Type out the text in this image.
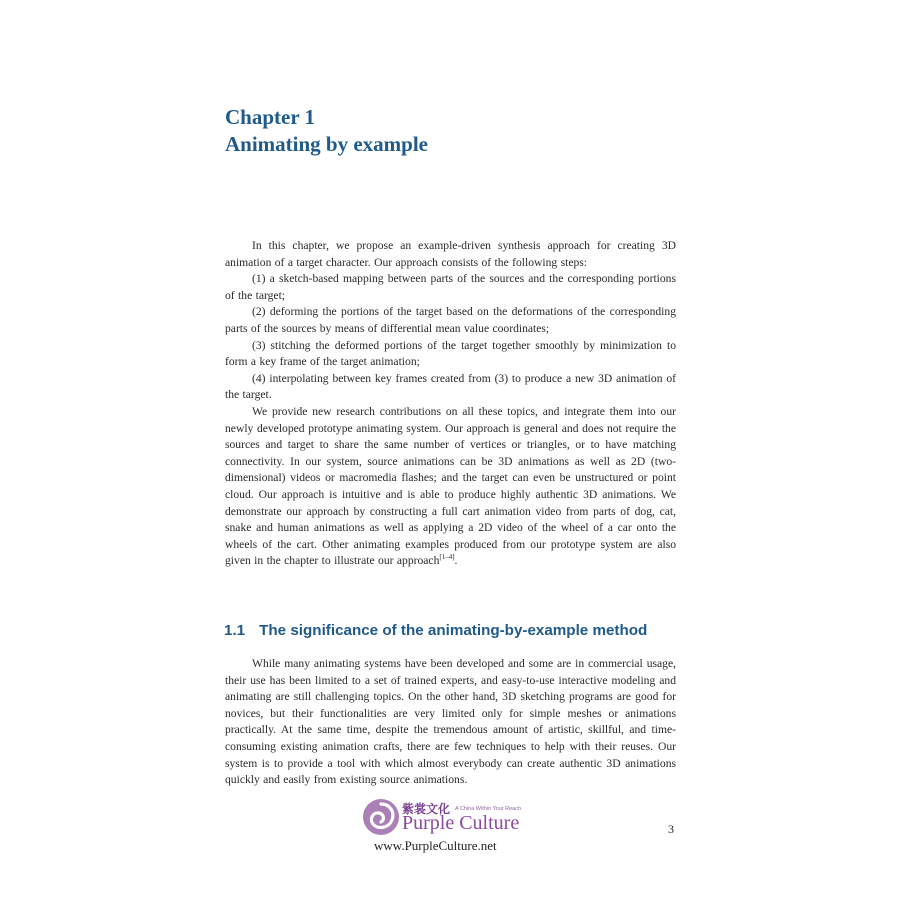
Chapter 1
Animating by example

In this chapter, we propose an example-driven synthesis approach for creating 3D animation of a target character. Our approach consists of the following steps:

(1) a sketch-based mapping between parts of the sources and the corresponding portions of the target;

(2) deforming the portions of the target based on the deformations of the corresponding parts of the sources by means of differential mean value coordinates;

(3) stitching the deformed portions of the target together smoothly by minimization to form a key frame of the target animation;

(4) interpolating between key frames created from (3) to produce a new 3D animation of the target.

We provide new research contributions on all these topics, and integrate them into our newly developed prototype animating system. Our approach is general and does not require the sources and target to share the same number of vertices or triangles, or to have matching connectivity. In our system, source animations can be 3D animations as well as 2D (two-dimensional) videos or macromedia flashes; and the target can even be unstructured or point cloud. Our approach is intuitive and is able to produce highly authentic 3D animations. We demonstrate our approach by constructing a full cart animation video from parts of dog, cat, snake and human animations as well as applying a 2D video of the wheel of a car onto the wheels of the cart. Other animating examples produced from our prototype system are also given in the chapter to illustrate our approach[1–4].

1.1 The significance of the animating-by-example method

While many animating systems have been developed and some are in commercial usage, their use has been limited to a set of trained experts, and easy-to-use interactive modeling and animating are still challenging topics. On the other hand, 3D sketching programs are good for novices, but their functionalities are very limited only for simple meshes or animations practically. At the same time, despite the tremendous amount of artistic, skillful, and time-consuming existing animation crafts, there are few techniques to help with their reuses. Our system is to provide a tool with which almost everybody can create authentic 3D animations quickly and easily from existing source animations.

3
紫裳文化 A China Within Your Reach
Purple Culture
www.PurpleCulture.net
